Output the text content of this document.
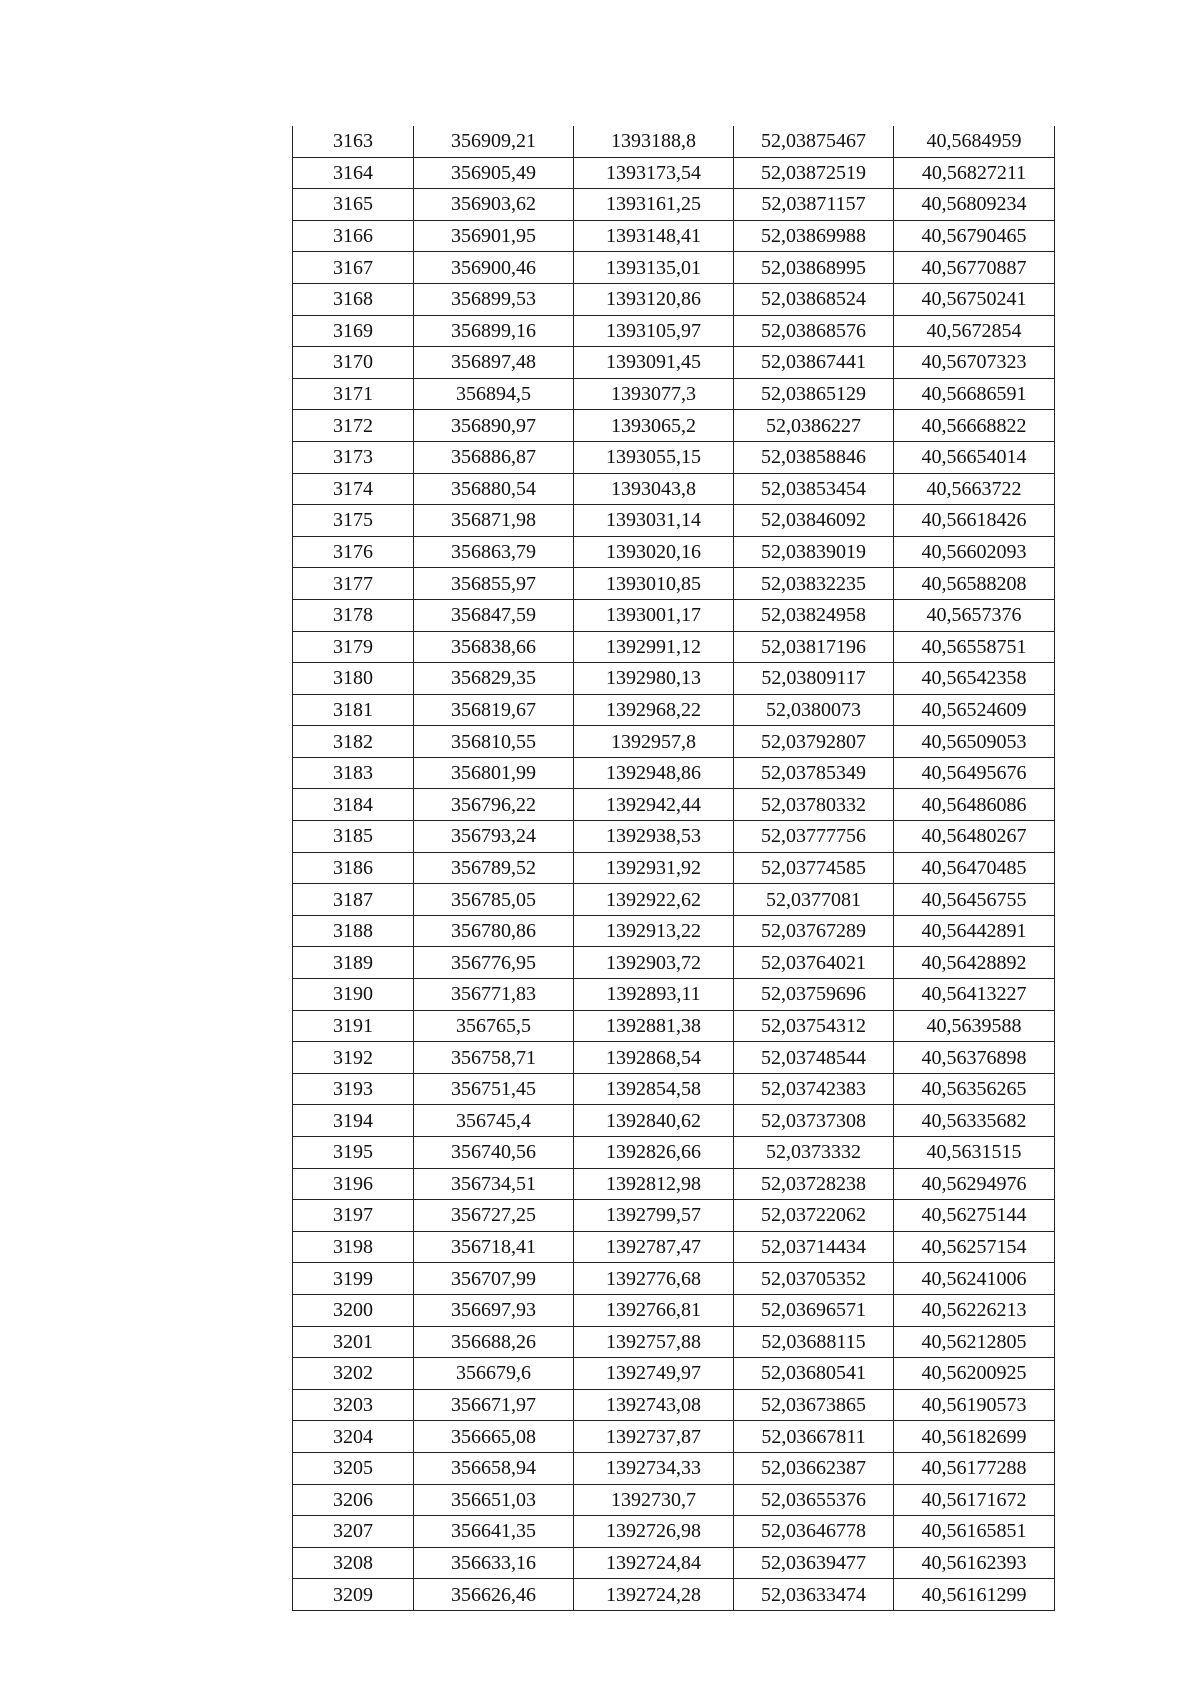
3163	356909,21	1393188,8	52,03875467	40,5684959
3164	356905,49	1393173,54	52,03872519	40,56827211
3165	356903,62	1393161,25	52,03871157	40,56809234
3166	356901,95	1393148,41	52,03869988	40,56790465
3167	356900,46	1393135,01	52,03868995	40,56770887
3168	356899,53	1393120,86	52,03868524	40,56750241
3169	356899,16	1393105,97	52,03868576	40,5672854
3170	356897,48	1393091,45	52,03867441	40,56707323
3171	356894,5	1393077,3	52,03865129	40,56686591
3172	356890,97	1393065,2	52,0386227	40,56668822
3173	356886,87	1393055,15	52,03858846	40,56654014
3174	356880,54	1393043,8	52,03853454	40,5663722
3175	356871,98	1393031,14	52,03846092	40,56618426
3176	356863,79	1393020,16	52,03839019	40,56602093
3177	356855,97	1393010,85	52,03832235	40,56588208
3178	356847,59	1393001,17	52,03824958	40,5657376
3179	356838,66	1392991,12	52,03817196	40,56558751
3180	356829,35	1392980,13	52,03809117	40,56542358
3181	356819,67	1392968,22	52,0380073	40,56524609
3182	356810,55	1392957,8	52,03792807	40,56509053
3183	356801,99	1392948,86	52,03785349	40,56495676
3184	356796,22	1392942,44	52,03780332	40,56486086
3185	356793,24	1392938,53	52,03777756	40,56480267
3186	356789,52	1392931,92	52,03774585	40,56470485
3187	356785,05	1392922,62	52,0377081	40,56456755
3188	356780,86	1392913,22	52,03767289	40,56442891
3189	356776,95	1392903,72	52,03764021	40,56428892
3190	356771,83	1392893,11	52,03759696	40,56413227
3191	356765,5	1392881,38	52,03754312	40,5639588
3192	356758,71	1392868,54	52,03748544	40,56376898
3193	356751,45	1392854,58	52,03742383	40,56356265
3194	356745,4	1392840,62	52,03737308	40,56335682
3195	356740,56	1392826,66	52,0373332	40,5631515
3196	356734,51	1392812,98	52,03728238	40,56294976
3197	356727,25	1392799,57	52,03722062	40,56275144
3198	356718,41	1392787,47	52,03714434	40,56257154
3199	356707,99	1392776,68	52,03705352	40,56241006
3200	356697,93	1392766,81	52,03696571	40,56226213
3201	356688,26	1392757,88	52,03688115	40,56212805
3202	356679,6	1392749,97	52,03680541	40,56200925
3203	356671,97	1392743,08	52,03673865	40,56190573
3204	356665,08	1392737,87	52,03667811	40,56182699
3205	356658,94	1392734,33	52,03662387	40,56177288
3206	356651,03	1392730,7	52,03655376	40,56171672
3207	356641,35	1392726,98	52,03646778	40,56165851
3208	356633,16	1392724,84	52,03639477	40,56162393
3209	356626,46	1392724,28	52,03633474	40,56161299
